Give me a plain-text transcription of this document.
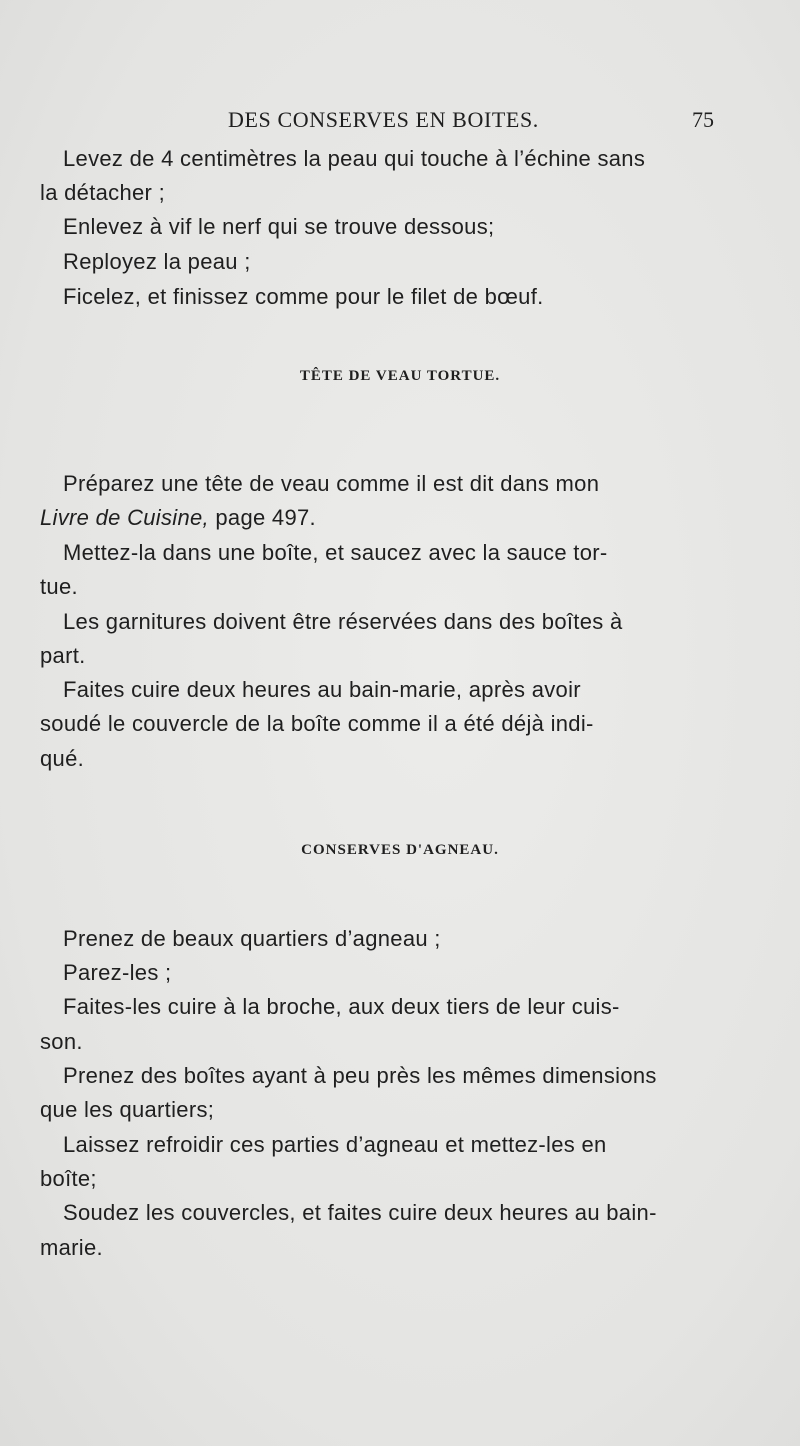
DES CONSERVES EN BOITES.	75
Levez de 4 centimètres la peau qui touche à l’échine sans
la détacher ;
Enlevez à vif le nerf qui se trouve dessous;
Reployez la peau ;
Ficelez, et finissez comme pour le filet de bœuf.
TÊTE DE VEAU TORTUE.
Préparez une tête de veau comme il est dit dans mon
Livre de Cuisine, page 497.
Mettez-la dans une boîte, et saucez avec la sauce tor-
tue.
Les garnitures doivent être réservées dans des boîtes à
part.
Faites cuire deux heures au bain-marie, après avoir
soudé le couvercle de la boîte comme il a été déjà indi-
qué.
CONSERVES D'AGNEAU.
Prenez de beaux quartiers d’agneau ;
Parez-les ;
Faites-les cuire à la broche, aux deux tiers de leur cuis-
son.
Prenez des boîtes ayant à peu près les mêmes dimensions
que les quartiers;
Laissez refroidir ces parties d’agneau et mettez-les en
boîte;
Soudez les couvercles, et faites cuire deux heures au bain-
marie.
